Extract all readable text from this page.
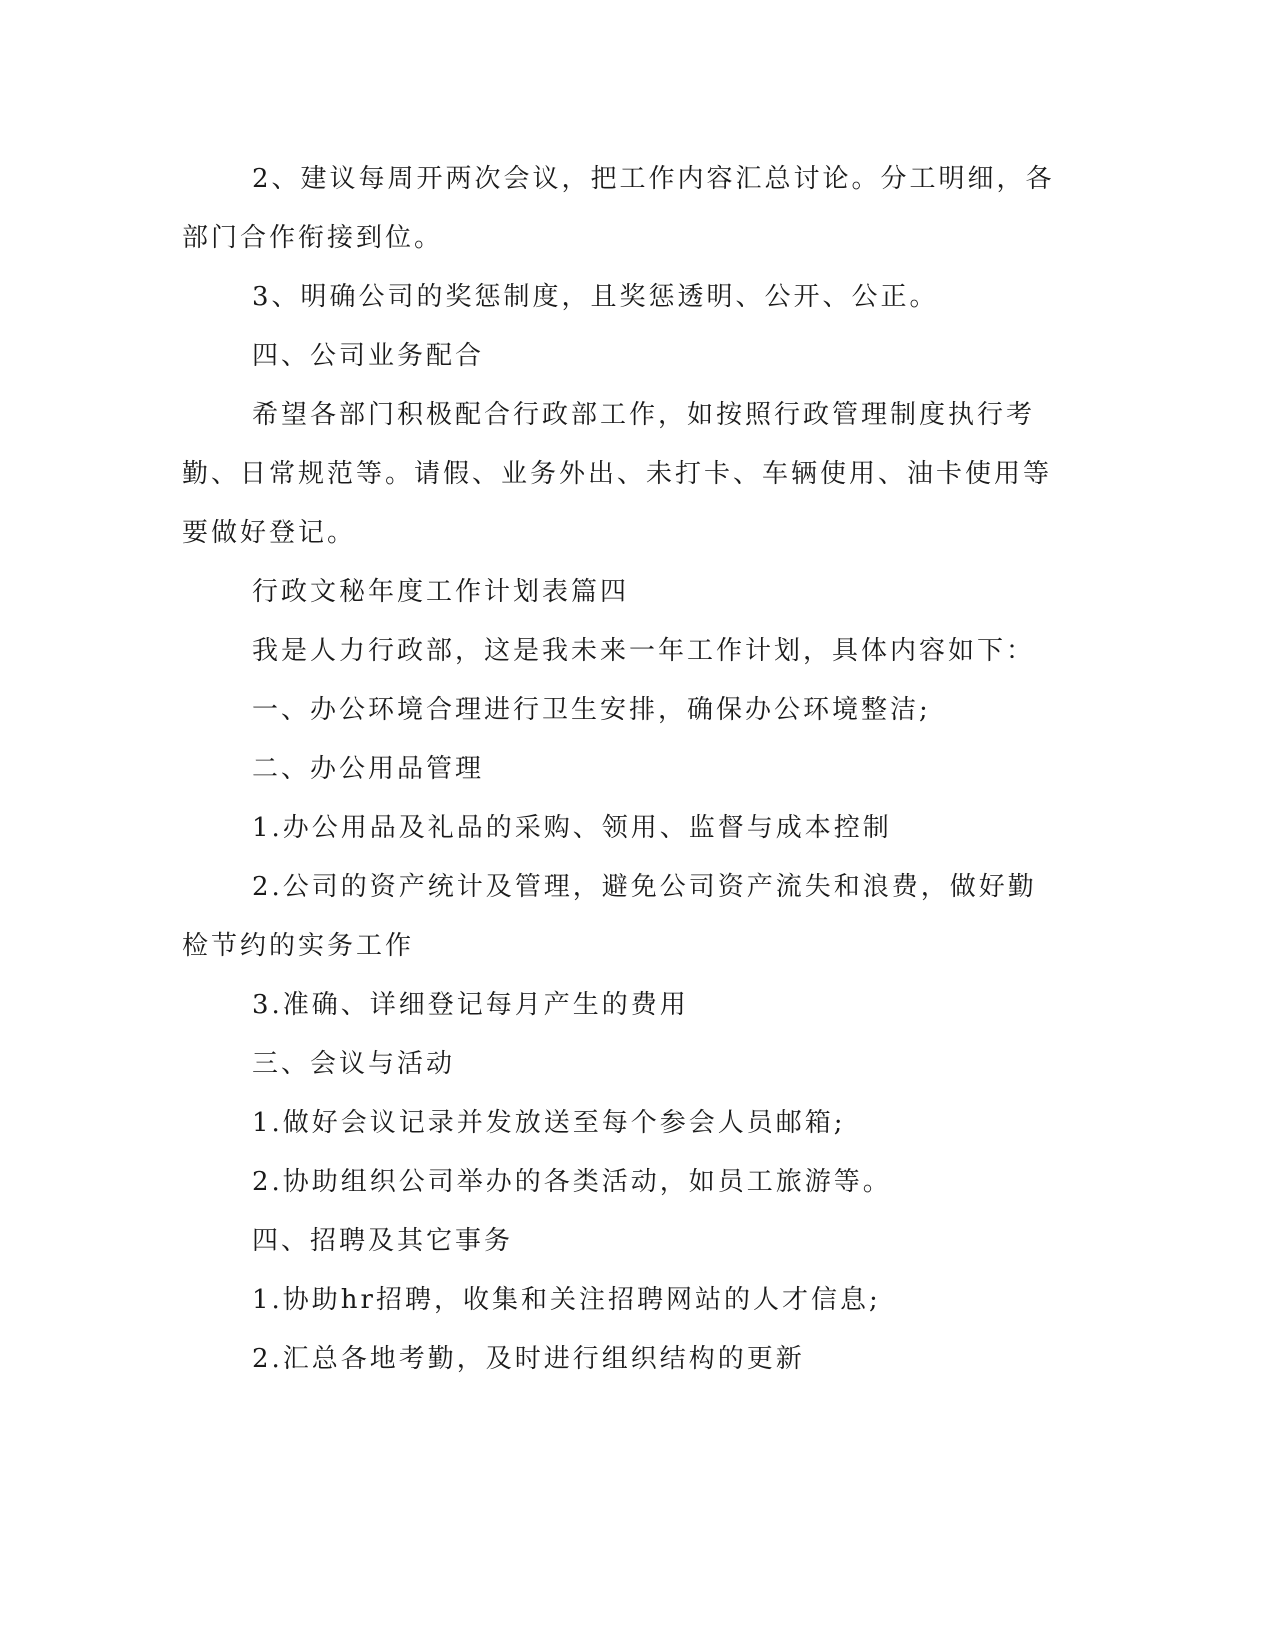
2、建议每周开两次会议，把工作内容汇总讨论。分工明细，各部门合作衔接到位。

3、明确公司的奖惩制度，且奖惩透明、公开、公正。

四、公司业务配合

希望各部门积极配合行政部工作，如按照行政管理制度执行考勤、日常规范等。请假、业务外出、未打卡、车辆使用、油卡使用等要做好登记。

行政文秘年度工作计划表篇四

我是人力行政部，这是我未来一年工作计划，具体内容如下：

一、办公环境合理进行卫生安排，确保办公环境整洁;

二、办公用品管理

1.办公用品及礼品的采购、领用、监督与成本控制

2.公司的资产统计及管理，避免公司资产流失和浪费，做好勤检节约的实务工作

3.准确、详细登记每月产生的费用

三、会议与活动

1.做好会议记录并发放送至每个参会人员邮箱;

2.协助组织公司举办的各类活动，如员工旅游等。

四、招聘及其它事务

1.协助hr招聘，收集和关注招聘网站的人才信息;

2.汇总各地考勤，及时进行组织结构的更新
